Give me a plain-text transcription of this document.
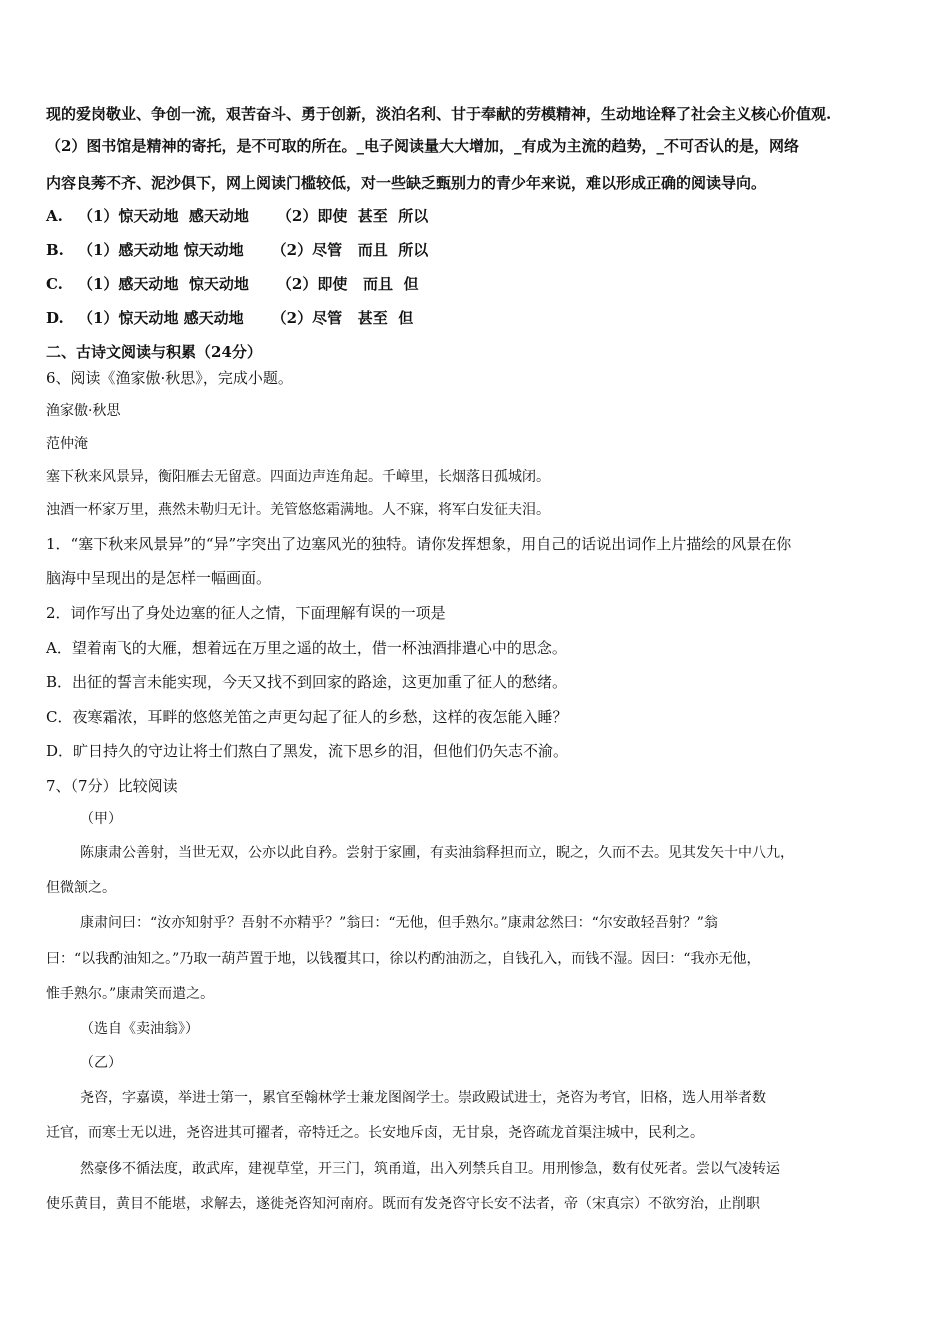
现的爱岗敬业、争创一流，艰苦奋斗、勇于创新，淡泊名利、甘于奉献的劳模精神，生动地诠释了社会主义核心价值观.
（2）图书馆是精神的寄托，是不可取的所在。_电子阅读量大大增加，_有成为主流的趋势，_不可否认的是，网络
内容良莠不齐、泥沙俱下，网上阅读门槛较低，对一些缺乏甄别力的青少年来说，难以形成正确的阅读导向。
A. （1）惊天动地  感天动地 （2）即使  甚至  所以
B. （1）感天动地 惊天动地 （2）尽管   而且  所以
C. （1）感天动地  惊天动地 （2）即使   而且  但
D. （1）惊天动地 感天动地 （2）尽管   甚至  但
二、古诗文阅读与积累（24分）
6、阅读《渔家傲·秋思》，完成小题。
渔家傲·秋思
范仲淹
塞下秋来风景异，衡阳雁去无留意。四面边声连角起。千嶂里，长烟落日孤城闭。
浊酒一杯家万里，燕然未勒归无计。羌管悠悠霜满地。人不寐，将军白发征夫泪。
1．“塞下秋来风景异”的“异”字突出了边塞风光的独特。请你发挥想象，用自己的话说出词作上片描绘的风景在你
脑海中呈现出的是怎样一幅画面。
2．词作写出了身处边塞的征人之情，下面理解有误的一项是
A．望着南飞的大雁，想着远在万里之遥的故土，借一杯浊酒排遣心中的思念。
B．出征的誓言未能实现，今天又找不到回家的路途，这更加重了征人的愁绪。
C．夜寒霜浓，耳畔的悠悠羌笛之声更勾起了征人的乡愁，这样的夜怎能入睡？
D．旷日持久的守边让将士们熬白了黑发，流下思乡的泪，但他们仍矢志不渝。
7、（7分）比较阅读
（甲）
陈康肃公善射，当世无双，公亦以此自矜。尝射于家圃，有卖油翁释担而立，睨之，久而不去。见其发矢十中八九，
但微颔之。
康肃问曰：“汝亦知射乎？吾射不亦精乎？”翁曰：“无他，但手熟尔。”康肃忿然曰：“尔安敢轻吾射？”翁
曰：“以我酌油知之。”乃取一葫芦置于地，以钱覆其口，徐以杓酌油沥之，自钱孔入，而钱不湿。因曰：“我亦无他，
惟手熟尔。”康肃笑而遣之。
（选自《卖油翁》）
（乙）
尧咨，字嘉谟，举进士第一，累官至翰林学士兼龙图阁学士。崇政殿试进士，尧咨为考官，旧格，选人用举者数
迁官，而寒士无以进，尧咨进其可擢者，帝特迁之。长安地斥卤，无甘泉，尧咨疏龙首渠注城中，民利之。
然豪侈不循法度，敢武库，建视草堂，开三门，筑甬道，出入列禁兵自卫。用刑惨急，数有仗死者。尝以气凌转运
使乐黄目，黄目不能堪，求解去，遂徙尧咨知河南府。既而有发尧咨守长安不法者，帝（宋真宗）不欲穷治，止削职
